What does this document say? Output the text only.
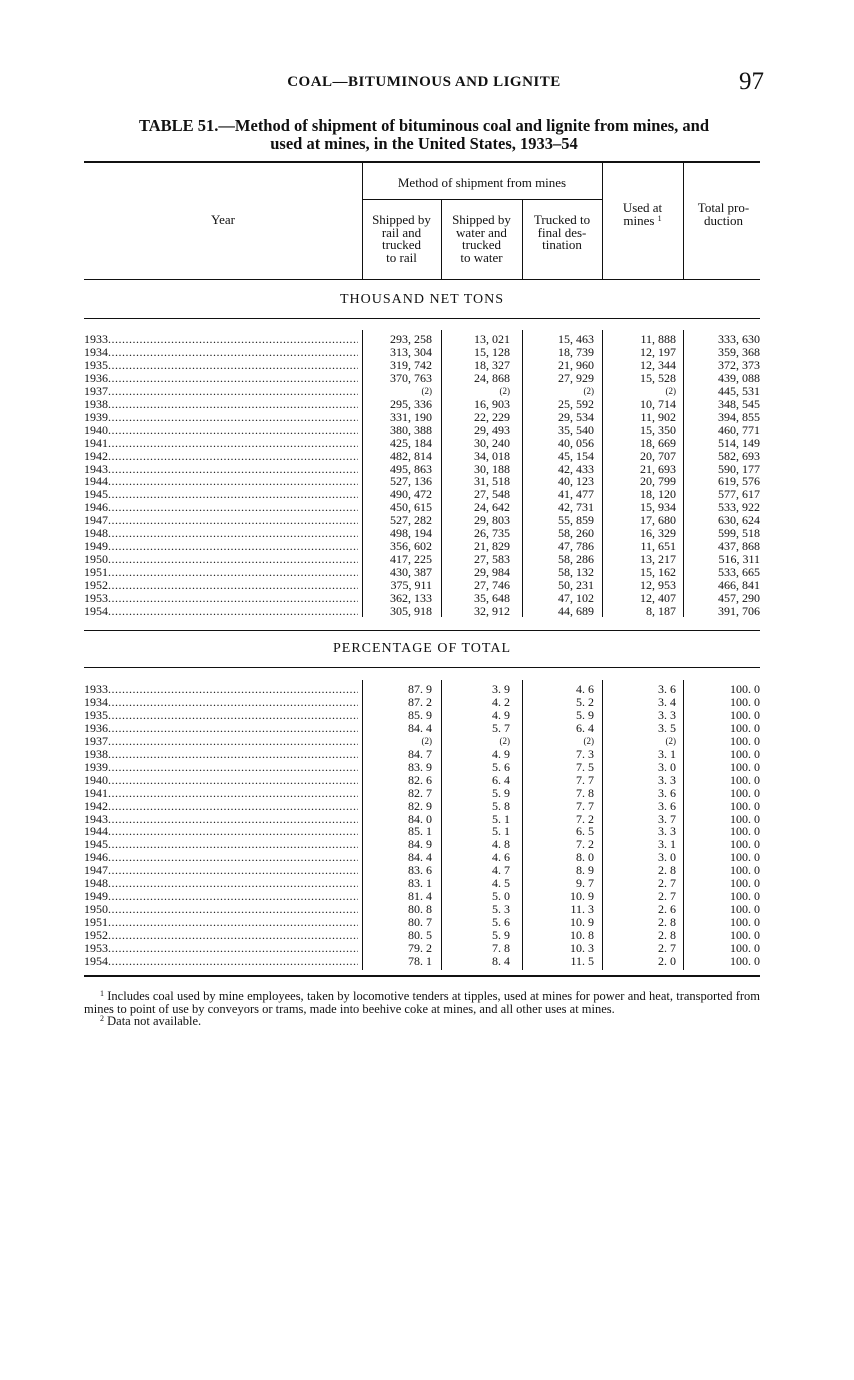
COAL—BITUMINOUS AND LIGNITE	97
TABLE 51.—Method of shipment of bituminous coal and lignite from mines, and
used at mines, in the United States, 1933–54
Year
Method of shipment from mines
Shipped by
rail and
trucked
to rail
Shipped by
water and
trucked
to water
Trucked to
final des-
tination
Used at
mines $^1$
Total pro-
duction
THOUSAND NET TONS
PERCENTAGE OF TOTAL
1933 .....	293, 258	13, 021	15, 463	11, 888	333, 630
1934 .....	313, 304	15, 128	18, 739	12, 197	359, 368
1935 .....	319, 742	18, 327	21, 960	12, 344	372, 373
1936 .....	370, 763	24, 868	27, 929	15, 528	439, 088
1937 .....	(2)	(2)	(2)	(2)	445, 531
1938 .....	295, 336	16, 903	25, 592	10, 714	348, 545
1939 .....	331, 190	22, 229	29, 534	11, 902	394, 855
1940 .....	380, 388	29, 493	35, 540	15, 350	460, 771
1941 .....	425, 184	30, 240	40, 056	18, 669	514, 149
1942 .....	482, 814	34, 018	45, 154	20, 707	582, 693
1943 .....	495, 863	30, 188	42, 433	21, 693	590, 177
1944 .....	527, 136	31, 518	40, 123	20, 799	619, 576
1945 .....	490, 472	27, 548	41, 477	18, 120	577, 617
1946 .....	450, 615	24, 642	42, 731	15, 934	533, 922
1947 .....	527, 282	29, 803	55, 859	17, 680	630, 624
1948 .....	498, 194	26, 735	58, 260	16, 329	599, 518
1949 .....	356, 602	21, 829	47, 786	11, 651	437, 868
1950 .....	417, 225	27, 583	58, 286	13, 217	516, 311
1951 .....	430, 387	29, 984	58, 132	15, 162	533, 665
1952 .....	375, 911	27, 746	50, 231	12, 953	466, 841
1953 .....	362, 133	35, 648	47, 102	12, 407	457, 290
1954 .....	305, 918	32, 912	44, 689	8, 187	391, 706
1933 .....	87. 9	3. 9	4. 6	3. 6	100. 0
1934 .....	87. 2	4. 2	5. 2	3. 4	100. 0
1935 .....	85. 9	4. 9	5. 9	3. 3	100. 0
1936 .....	84. 4	5. 7	6. 4	3. 5	100. 0
1937 .....	(2)	(2)	(2)	(2)	100. 0
1938 .....	84. 7	4. 9	7. 3	3. 1	100. 0
1939 .....	83. 9	5. 6	7. 5	3. 0	100. 0
1940 .....	82. 6	6. 4	7. 7	3. 3	100. 0
1941 .....	82. 7	5. 9	7. 8	3. 6	100. 0
1942 .....	82. 9	5. 8	7. 7	3. 6	100. 0
1943 .....	84. 0	5. 1	7. 2	3. 7	100. 0
1944 .....	85. 1	5. 1	6. 5	3. 3	100. 0
1945 .....	84. 9	4. 8	7. 2	3. 1	100. 0
1946 .....	84. 4	4. 6	8. 0	3. 0	100. 0
1947 .....	83. 6	4. 7	8. 9	2. 8	100. 0
1948 .....	83. 1	4. 5	9. 7	2. 7	100. 0
1949 .....	81. 4	5. 0	10. 9	2. 7	100. 0
1950 .....	80. 8	5. 3	11. 3	2. 6	100. 0
1951 .....	80. 7	5. 6	10. 9	2. 8	100. 0
1952 .....	80. 5	5. 9	10. 8	2. 8	100. 0
1953 .....	79. 2	7. 8	10. 3	2. 7	100. 0
1954 .....	78. 1	8. 4	11. 5	2. 0	100. 0

$^1$ Includes coal used by mine employees, taken by locomotive tenders at tipples, used at mines for power and heat, transported from mines to point of use by conveyors or trams, made into beehive coke at mines, and all other uses at mines.

$^2$ Data not available.
